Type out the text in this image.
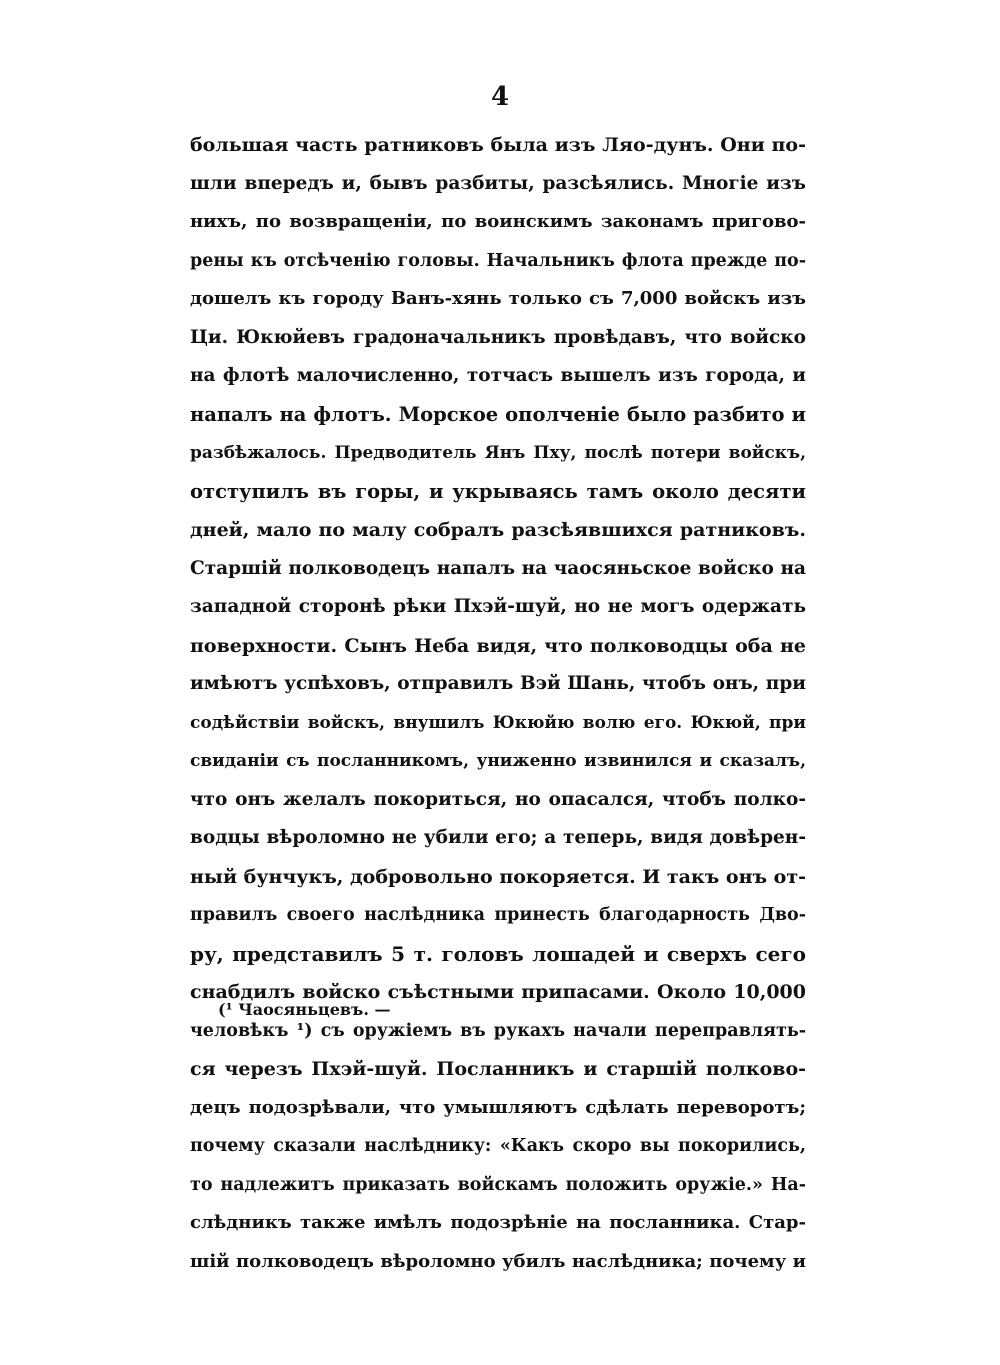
4
большая часть ратниковъ была изъ Ляо-дунъ. Они по-
шли впередъ и, бывъ разбиты, разсѣялись. Многіе изъ
нихъ, по возвращеніи, по воинскимъ законамъ пригово-
рены къ отсѣченію головы. Начальникъ флота прежде по-
дошелъ къ городу Ванъ-хянь только съ 7,000 войскъ изъ
Ци. Юкюйевъ градоначальникъ провѣдавъ, что войско
на флотѣ малочисленно, тотчасъ вышелъ изъ города, и
напалъ на флотъ. Морское ополченіе было разбито и
разбѣжалось. Предводитель Янъ Пху, послѣ потери войскъ,
отступилъ въ горы, и укрываясь тамъ около десяти
дней, мало по малу собралъ разсѣявшихся ратниковъ.
Старшій полководецъ напалъ на чаосяньское войско на
западной сторонѣ рѣки Пхэй-шуй, но не могъ одержать
поверхности. Сынъ Неба видя, что полководцы оба не
имѣютъ успѣховъ, отправилъ Вэй Шань, чтобъ онъ, при
содѣйствіи войскъ, внушилъ Юкюйю волю его. Юкюй, при
свиданіи съ посланникомъ, униженно извинился и сказалъ,
что онъ желалъ покориться, но опасался, чтобъ полко-
водцы вѣроломно не убили его; а теперь, видя довѣрен-
ный бунчукъ, добровольно покоряется. И такъ онъ от-
правилъ своего наслѣдника принесть благодарность Дво-
ру, представилъ 5 т. головъ лошадей и сверхъ сего
снабдилъ войско съѣстными припасами. Около 10,000
человѣкъ ¹) съ оружіемъ въ рукахъ начали переправлять-
ся черезъ Пхэй-шуй. Посланникъ и старшій полково-
децъ подозрѣвали, что умышляютъ сдѣлать переворотъ;
почему сказали наслѣднику: «Какъ скоро вы покорились,
то надлежитъ приказать войскамъ положить оружіе.» На-
слѣдникъ также имѣлъ подозрѣніе на посланника. Стар-
шій полководецъ вѣроломно убилъ наслѣдника; почему и
(¹ Чаосяньцевъ. —
